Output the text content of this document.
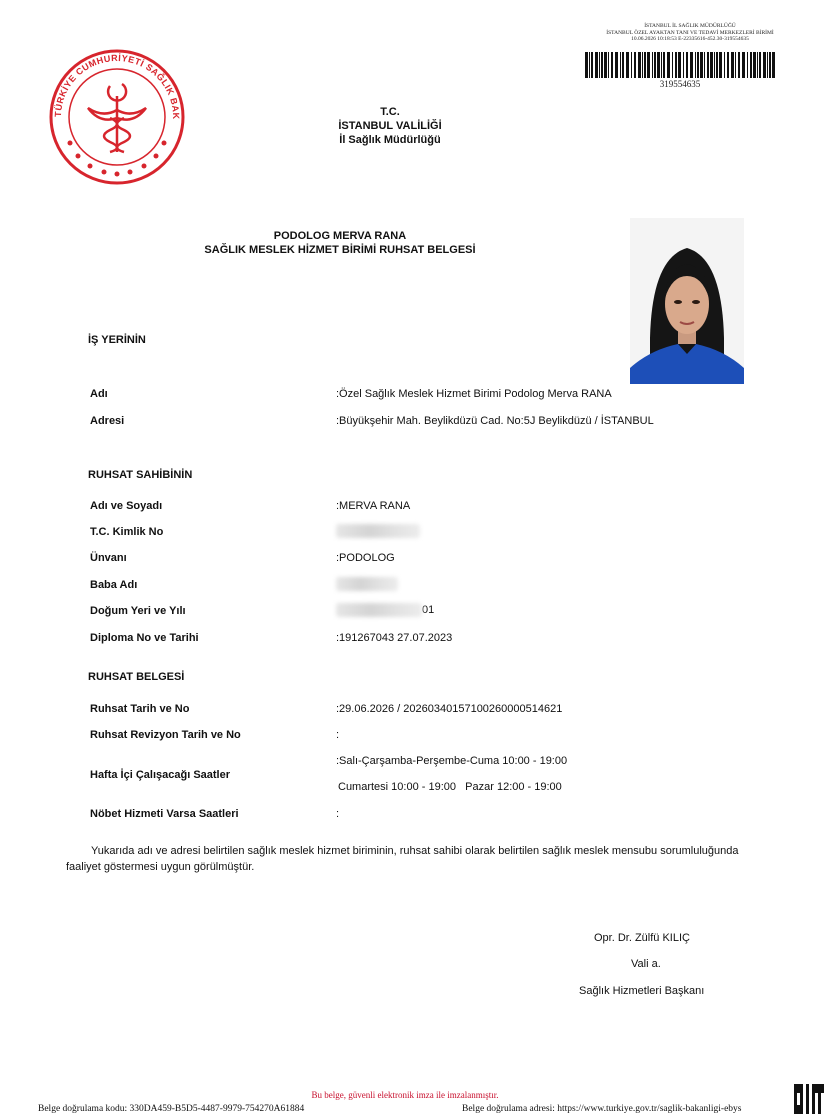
TÜRKİYE CUMHURİYETİ SAĞLIK BAK
İSTANBUL İL SAĞLIK MÜDÜRLÜĞÜ
İSTANBUL ÖZEL AYAKTAN TANI VE TEDAVİ MERKEZLERİ BİRİMİ
10.06.2026 10:18:53 E-22335616-452.30-319554635
319554635
T.C.
İSTANBUL VALİLİĞİ
İl Sağlık Müdürlüğü
PODOLOG MERVA RANA
SAĞLIK MESLEK HİZMET BİRİMİ RUHSAT BELGESİ
İŞ YERİNİN
Adı	:Özel Sağlık Meslek Hizmet Birimi Podolog Merva RANA
Adresi	:Büyükşehir Mah. Beylikdüzü Cad. No:5J Beylikdüzü / İSTANBUL
RUHSAT SAHİBİNİN
Adı ve Soyadı	:MERVA RANA
T.C. Kimlik No
Ünvanı	:PODOLOG
Baba Adı
Doğum Yeri ve Yılı	01
Diploma No ve Tarihi	:191267043 27.07.2023
RUHSAT BELGESİ
Ruhsat Tarih ve No	:29.06.2026 / 20260340157100260000514621
Ruhsat Revizyon Tarih ve No	:
Hafta İçi Çalışacağı Saatler
:Salı-Çarşamba-Perşembe-Cuma 10:00 - 19:00
Cumartesi 10:00 - 19:00   Pazar 12:00 - 19:00
Nöbet Hizmeti Varsa Saatleri	:
Yukarıda adı ve adresi belirtilen sağlık meslek hizmet biriminin, ruhsat sahibi olarak belirtilen sağlık meslek mensubu sorumluluğunda faaliyet göstermesi uygun görülmüştür.
Opr. Dr. Zülfü KILIÇ
Vali a.
Sağlık Hizmetleri Başkanı
Bu belge, güvenli elektronik imza ile imzalanmıştır.
Belge doğrulama kodu: 330DA459-B5D5-4487-9979-754270A61884	Belge doğrulama adresi: https://www.turkiye.gov.tr/saglik-bakanligi-ebys
